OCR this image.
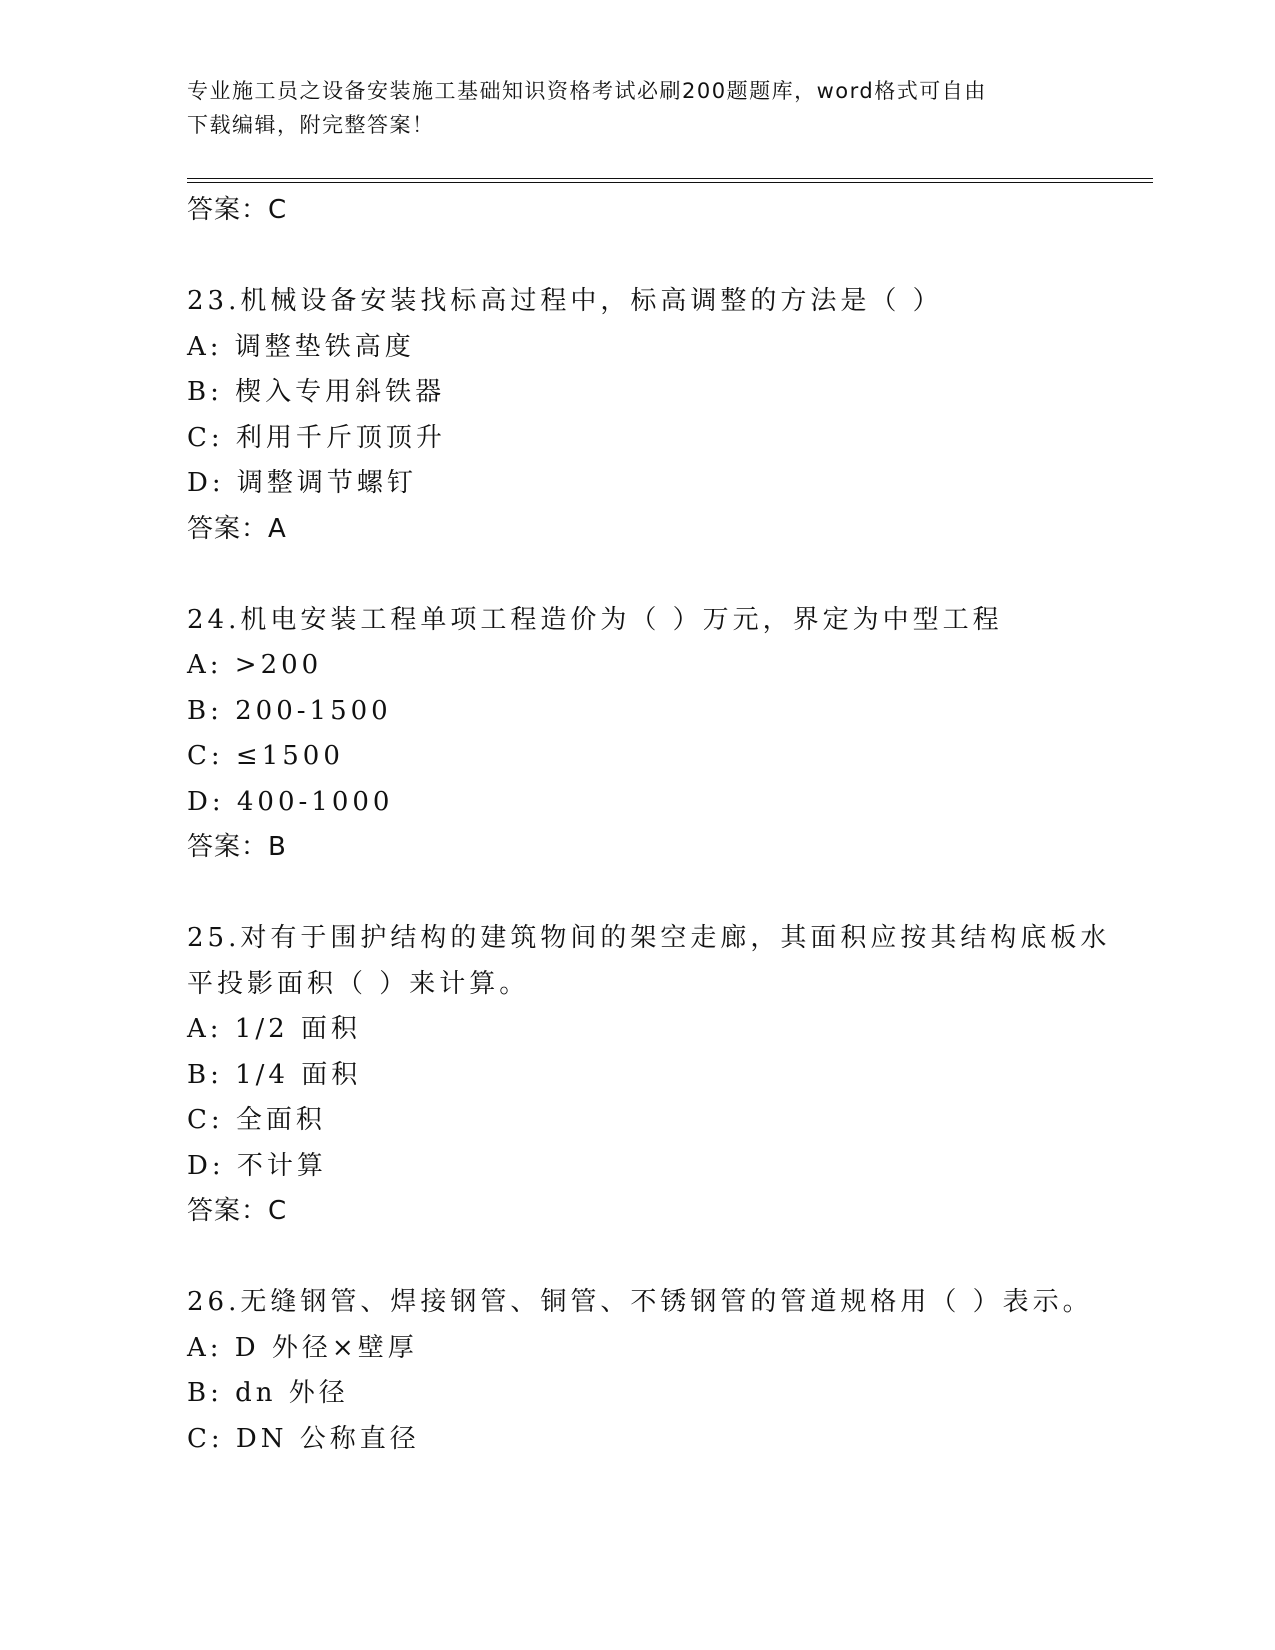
专业施工员之设备安装施工基础知识资格考试必刷200题题库，word格式可自由
下载编辑，附完整答案！
答案：C
23.机械设备安装找标高过程中，标高调整的方法是（ ）
A: 调整垫铁高度
B: 楔入专用斜铁器
C: 利用千斤顶顶升
D: 调整调节螺钉
答案：A
24.机电安装工程单项工程造价为（ ）万元，界定为中型工程
A: >200
B: 200-1500
C: ≤1500
D: 400-1000
答案：B
25.对有于围护结构的建筑物间的架空走廊，其面积应按其结构底板水
平投影面积（ ）来计算。
A: 1/2 面积
B: 1/4 面积
C: 全面积
D: 不计算
答案：C
26.无缝钢管、焊接钢管、铜管、不锈钢管的管道规格用（ ）表示。
A: D 外径×壁厚
B: dn 外径
C: DN 公称直径
